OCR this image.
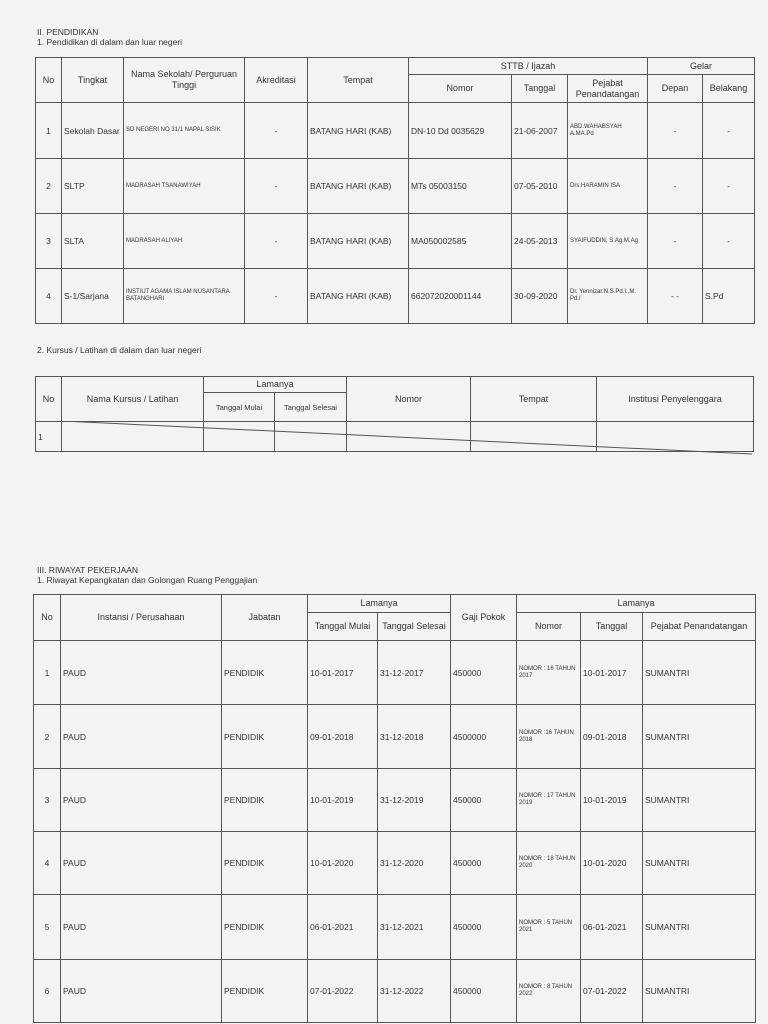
II. PENDIDIKAN
1. Pendidikan di dalam dan luar negeri
No	Tingkat	Nama Sekolah/ Perguruan Tinggi	Akreditasi	Tempat	STTB / Ijazah			Gelar	
					Nomor	Tanggal	Pejabat Penandatangan	Depan	Belakang
1	Sekolah Dasar	SD NEGERI NO 31/1 NAPAL SISIK	-	BATANG HARI (KAB)	DN-10 Dd 0035629	21-06-2007	ABD.WAHABSYAH A.MA.Pd	-	-
2	SLTP	MADRASAH TSANAWIYAH	-	BATANG HARI (KAB)	MTs 05003150	07-05-2010	Drs.HARAMIN ISA	-	-
3	SLTA	MADRASAH ALIYAH	-	BATANG HARI (KAB)	MA050002585	24-05-2013	SYAIFUDDIN, S.Ag.M.Ag	-	-
4	S-1/Sarjana	INSTIUT AGAMA ISLAM NUSANTARA BATANGHARI	-	BATANG HARI (KAB)	662072020001144	30-09-2020	Dr. Yennizar.N.S.Pd.I.,M. Pd.I	- -	S.Pd
2. Kursus / Latihan di dalam dan luar negeri
No	Nama Kursus / Latihan	Lamanya		Nomor	Tempat	Institusi Penyelenggara
		Tanggal Mulai	Tanggal Selesai			
1						
III. RIWAYAT PEKERJAAN
1. Riwayat Kepangkatan dan Golongan Ruang Penggajian
No	Instansi / Perusahaan	Jabatan	Lamanya		Gaji Pokok	Lamanya		
			Tanggal Mulai	Tanggal Selesai		Nomor	Tanggal	Pejabat Penandatangan
1	PAUD	PENDIDIK	10-01-2017	31-12-2017	450000	NOMOR : 16 TAHUN 2017	10-01-2017	SUMANTRI
2	PAUD	PENDIDIK	09-01-2018	31-12-2018	4500000	NOMOR :16 TAHUN 2018	09-01-2018	SUMANTRI
3	PAUD	PENDIDIK	10-01-2019	31-12-2019	450000	NOMOR : 17 TAHUN 2019	10-01-2019	SUMANTRI
4	PAUD	PENDIDIK	10-01-2020	31-12-2020	450000	NOMOR : 18 TAHUN 2020	10-01-2020	SUMANTRI
5	PAUD	PENDIDIK	06-01-2021	31-12-2021	450000	NOMOR : 5 TAHUN 2021	06-01-2021	SUMANTRI
6	PAUD	PENDIDIK	07-01-2022	31-12-2022	450000	NOMOR : 8 TAHUN 2022	07-01-2022	SUMANTRI
